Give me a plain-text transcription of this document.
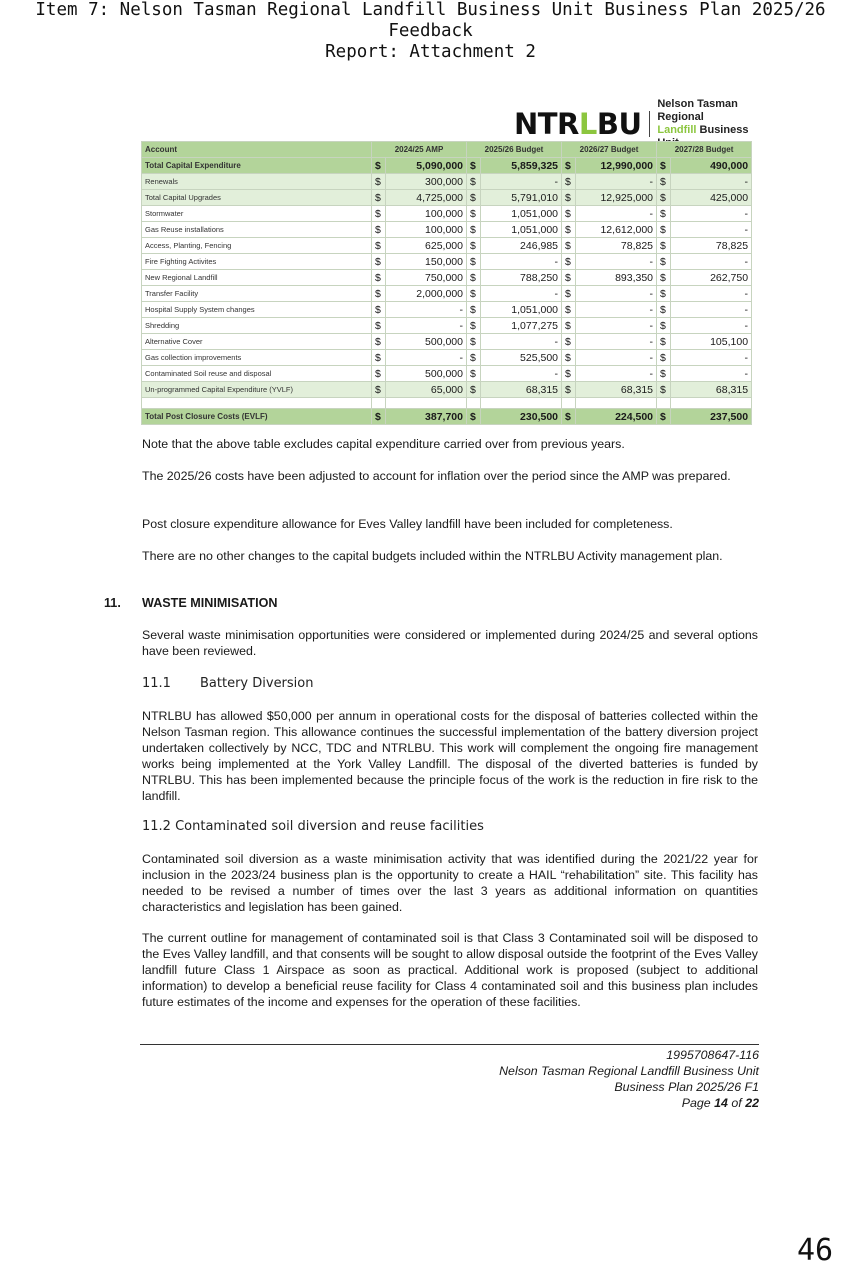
Item 7: Nelson Tasman Regional Landfill Business Unit Business Plan 2025/26 Feedback
Report: Attachment 2
NTRLBU
Nelson Tasman Regional
Landfill Business
Account	2024/25 AMP		2025/26 Budget		2026/27 Budget		2027/28 Budget	
Total Capital Expenditure	$	5,090,000	$	5,859,325	$	12,990,000	$	490,000
Renewals	$	300,000	$	-	$	-	$	-
Total Capital Upgrades	$	4,725,000	$	5,791,010	$	12,925,000	$	425,000
Stormwater	$	100,000	$	1,051,000	$	-	$	-
Gas Reuse installations	$	100,000	$	1,051,000	$	12,612,000	$	-
Access, Planting, Fencing	$	625,000	$	246,985	$	78,825	$	78,825
Fire Fighting Activites	$	150,000	$	-	$	-	$	-
New Regional Landfill	$	750,000	$	788,250	$	893,350	$	262,750
Transfer Facility	$	2,000,000	$	-	$	-	$	-
Hospital Supply System changes	$	-	$	1,051,000	$	-	$	-
Shredding	$	-	$	1,077,275	$	-	$	-
Alternative Cover	$	500,000	$	-	$	-	$	105,100
Gas collection improvements	$	-	$	525,500	$	-	$	-
Contaminated Soil reuse and disposal	$	500,000	$	-	$	-	$	-
Un-programmed Capital Expenditure (YVLF)	$	65,000	$	68,315	$	68,315	$	68,315

Total Post Closure Costs (EVLF)	$	387,700	$	230,500	$	224,500	$	237,500

Note that the above table excludes capital expenditure carried over from previous years.

The 2025/26 costs have been adjusted to account for inflation over the period since the AMP was prepared.

Post closure expenditure allowance for Eves Valley landfill have been included for completeness.

There are no other changes to the capital budgets included within the NTRLBU Activity management plan.

11. WASTE MINIMISATION

Several waste minimisation opportunities were considered or implemented during 2024/25 and several options have been reviewed.

11.1 Battery Diversion

NTRLBU has allowed $50,000 per annum in operational costs for the disposal of batteries collected within the Nelson Tasman region. This allowance continues the successful implementation of the battery diversion project undertaken collectively by NCC, TDC and NTRLBU. This work will complement the ongoing fire management works being implemented at the York Valley Landfill. The disposal of the diverted batteries is funded by NTRLBU. This has been implemented because the principle focus of the work is the reduction in fire risk to the landfill.

11.2 Contaminated soil diversion and reuse facilities

Contaminated soil diversion as a waste minimisation activity that was identified during the 2021/22 year for inclusion in the 2023/24 business plan is the opportunity to create a HAIL “rehabilitation” site. This facility has needed to be revised a number of times over the last 3 years as additional information on quantities characteristics and legislation has been gained.

The current outline for management of contaminated soil is that Class 3 Contaminated soil will be disposed to the Eves Valley landfill, and that consents will be sought to allow disposal outside the footprint of the Eves Valley landfill future Class 1 Airspace as soon as practical. Additional work is proposed (subject to additional information) to develop a beneficial reuse facility for Class 4 contaminated soil and this business plan includes future estimates of the income and expenses for the operation of these facilities.

1995708647-116
Nelson Tasman Regional Landfill Business Unit
Business Plan 2025/26 F1
Page 14 of 22
46
